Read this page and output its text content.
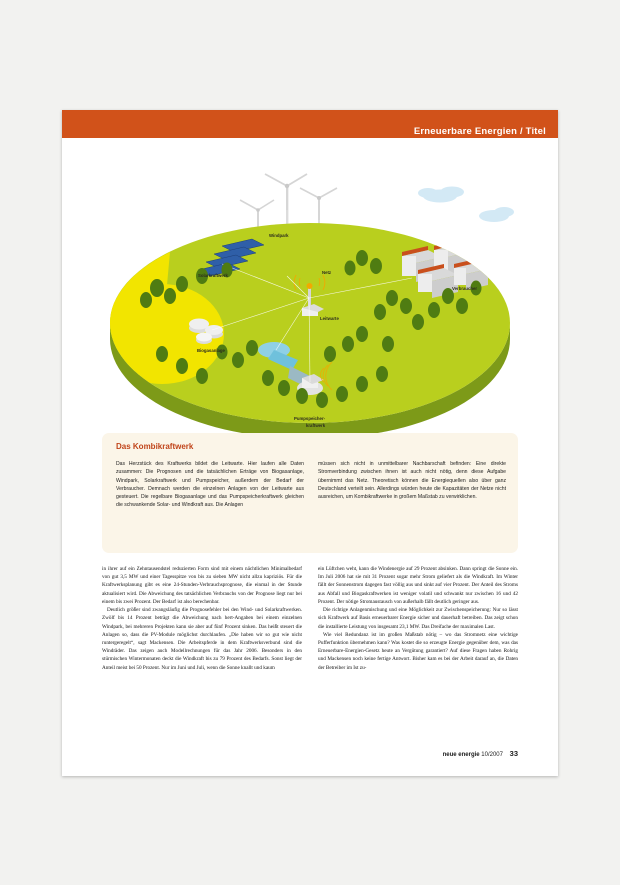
Erneuerbare Energien / Titel
Windpark
Solarkraftwerk
Netz
Leitwarte
Verbraucher
Biogasanlage
Pumpspeicher-
kraftwerk
Das Kombikraftwerk
Das Herzstück des Kraftwerks bildet die Leitwarte. Hier laufen alle Daten zusammen: Die Prognosen und die tatsächlichen Erträge von Biogasanlage, Windpark, Solarkraftwerk und Pumpspeicher, außerdem der Bedarf der Verbraucher. Demnach werden die einzelnen Anlagen von der Leitwarte aus gesteuert. Die regelbare Biogasanlage und das Pumpspeicherkraftwerk gleichen die schwankende Solar- und Windkraft aus. Die Anlagen
müssen sich nicht in unmittelbarer Nachbarschaft befinden: Eine direkte Stromverbindung zwischen ihnen ist auch nicht nötig, denn diese Aufgabe übernimmt das Netz. Theoretisch können die Energiequellen also über ganz Deutschland verteilt sein. Allerdings würden heute die Kapazitäten der Netze nicht ausreichen, um Kombikraftwerke in großem Maßstab zu verwirklichen.

in ihrer auf ein Zehntausendstel reduzierten Form sind mit einem nächtlichen Minimalbedarf von gut 3,5 MW und einer Tagesspitze von bis zu sieben MW nicht allzu kapriziös. Für die Kraftwerksplanung gibt es eine 24-Stunden-Verbrauchsprognose, die einmal in der Stunde aktualisiert wird. Die Abweichung des tatsächlichen Verbrauchs von der Prognose liegt nur bei einem bis zwei Prozent. Der Bedarf ist also berechenbar.

Deutlich größer sind zwangsläufig die Prognosefehler bei den Wind- und Solarkraftwerken. Zwölf bis 14 Prozent beträgt die Abweichung nach hert-Angaben bei einem einzelnen Windpark, bei mehreren Projekten kann sie aber auf fünf Prozent sinken. Das heißt steuert die Anlagen so, dass die PV-Module möglichst durchlaufen. „Die haben wir so gut wie nicht runtergeregelt“, sagt Mackensen. Die Arbeitspferde in dem Kraftwerksverbund sind die Windräder. Das zeigen auch Modellrechnungen für das Jahr 2006. Besonders in den stürmischen Wintermonaten deckt die Windkraft bis zu 79 Prozent des Bedarfs. Sonst liegt der Anteil meist bei 50 Prozent. Nur im Juni und Juli, wenn die Sonne knallt und kaum

ein Lüftchen weht, kann die Windenergie auf 29 Prozent absinken. Dann springt die Sonne ein. Im Juli 2006 hat sie mit 31 Prozent sogar mehr Strom geliefert als die Windkraft. Im Winter fällt der Sonnenstrom dagegen fast völlig aus und sinkt auf vier Prozent. Der Anteil des Stroms aus Abfall und Biogaskraftwerken ist weniger volatil und schwankt nur zwischen 16 und 42 Prozent. Der nötige Stromaustausch von außerhalb fällt deutlich geringer aus.

Die richtige Anlagenmischung und eine Möglichkeit zur Zwischenspeicherung: Nur so lässt sich Kraftwerk auf Basis erneuerbarer Energie sicher und dauerhaft betreiben. Das zeigt schon die installierte Leistung von insgesamt 23,1 MW. Das Dreifache der maximalen Last.

Wie viel Redundanz ist im großen Maßstab nötig – wo das Stromnetz eine wichtige Pufferfunktion übernehmen kann? Was kostet die so erzeugte Energie gegenüber dem, was das Erneuerbare-Energien-Gesetz heute an Vergütung garantiert? Auf diese Fragen haben Rohrig und Mackensen noch keine fertige Antwort. Bisher kam es bei der Arbeit darauf an, die Daten der Betreiber im Ist zu-

neue energie 10/2007 33
